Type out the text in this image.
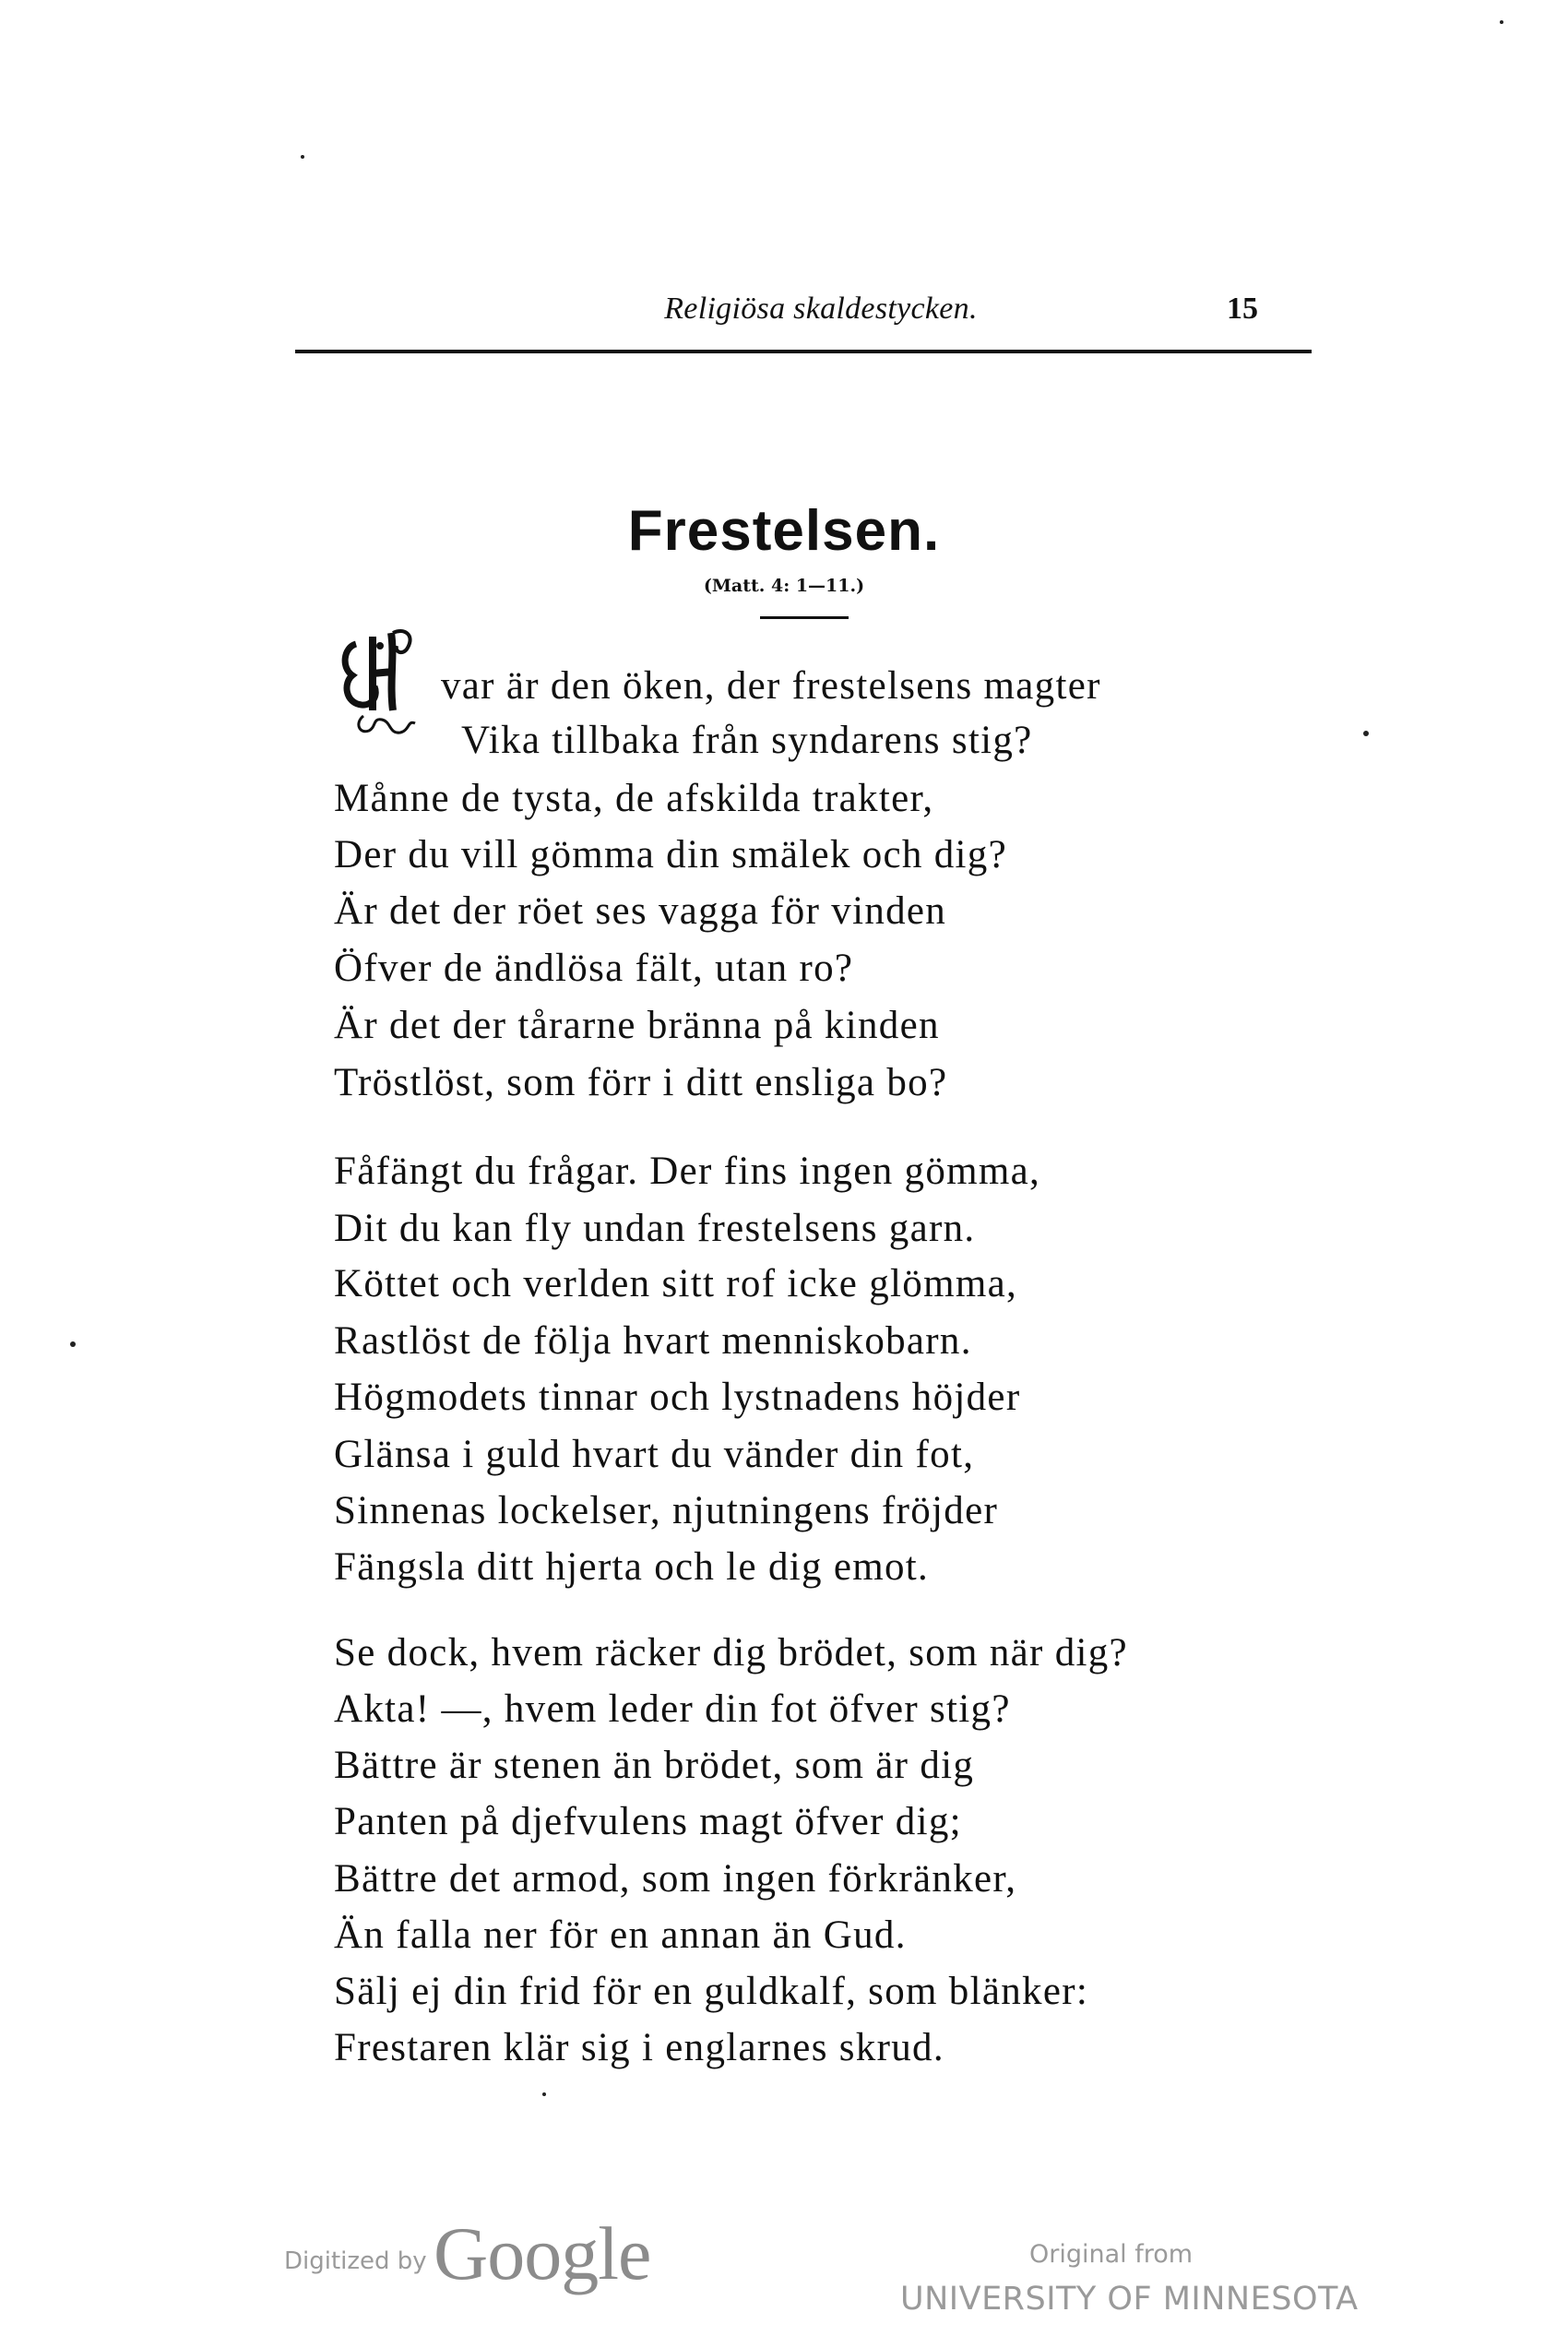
Religiösa skaldestycken.	15
Frestelsen.
(Matt. 4: 1—11.)
var är den öken, der frestelsens magter
Vika tillbaka från syndarens stig?
Månne de tysta, de afskilda trakter,
Der du vill gömma din smälek och dig?
Är det der röet ses vagga för vinden
Öfver de ändlösa fält, utan ro?
Är det der tårarne bränna på kinden
Tröstlöst, som förr i ditt ensliga bo?
Fåfängt du frågar. Der fins ingen gömma,
Dit du kan fly undan frestelsens garn.
Köttet och verlden sitt rof icke glömma,
Rastlöst de följa hvart menniskobarn.
Högmodets tinnar och lystnadens höjder
Glänsa i guld hvart du vänder din fot,
Sinnenas lockelser, njutningens fröjder
Fängsla ditt hjerta och le dig emot.
Se dock, hvem räcker dig brödet, som när dig?
Akta! —, hvem leder din fot öfver stig?
Bättre är stenen än brödet, som är dig
Panten på djefvulens magt öfver dig;
Bättre det armod, som ingen förkränker,
Än falla ner för en annan än Gud.
Sälj ej din frid för en guldkalf, som blänker:
Frestaren klär sig i englarnes skrud.
Digitized by Google	Original from
UNIVERSITY OF MINNESOTA
